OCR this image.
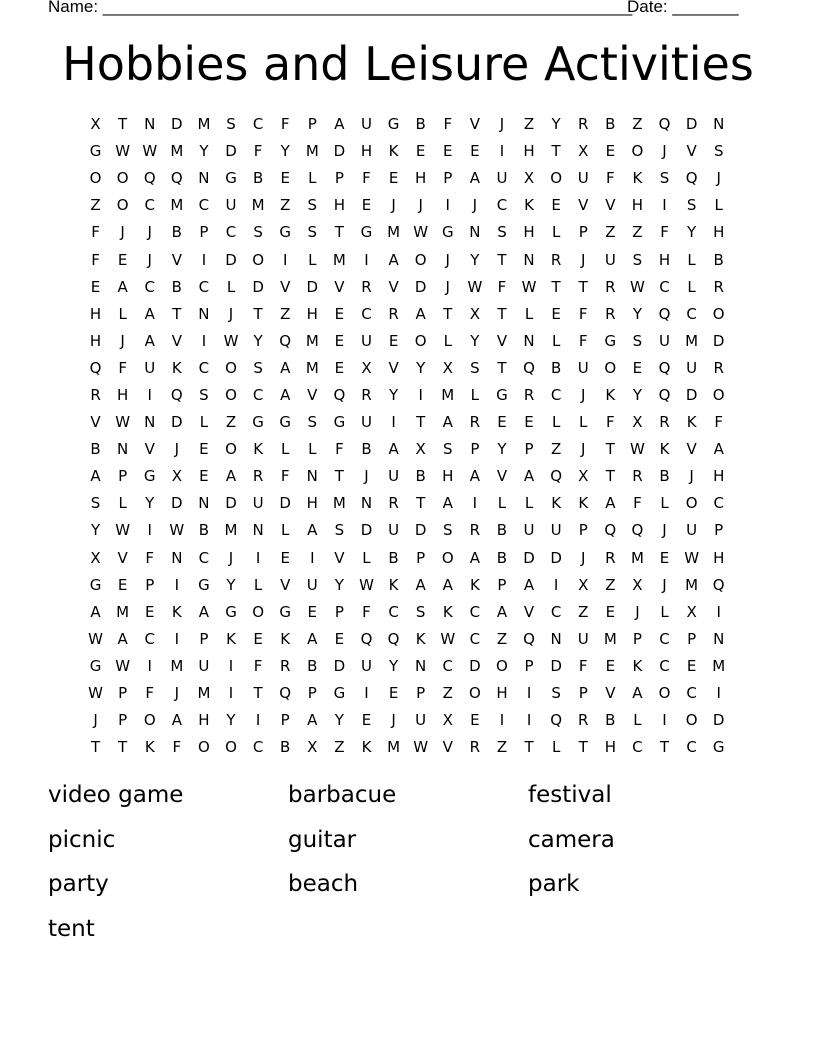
Name: ________________________________________________________
Date: _______
Hobbies and Leisure Activities
X	T	N	D M	S	C	F	P	A	U	G	B	F	V	J	Z	Y	R	B	Z	Q	D	N
G W W M	Y	D	F	Y	M D	H	K	E	E	E	I	H	T	X	E	O	J	V	S
O	O	Q	Q	N	G	B	E	L	P	F	E	H	P	A	U	X	O	U	F	K	S	Q	J
Z	O	C	M	C	U	M	Z	S	H	E	J	J	I	J	C	K	E	V	V	H	I	S	L
F	J	J	B	P	C	S	G	S	T	G M W G	N	S	H	L	P	Z	Z	F	Y	H
F	E	J	V	I	D	O	I	L	M	I	A	O	J	Y	T	N	R	J	U	S	H	L	B
E	A	C	B	C	L	D	V	D	V	R	V	D	J	W	F	W	T	T	R W C	L	R
H	L	A	T	N	J	T	Z	H	E	C	R	A	T	X	T	L	E	F	R	Y	Q	C	O
H	J	A	V	I	W	Y	Q M	E	U	E	O	L	Y	V	N	L	F	G	S	U	M D
Q	F	U	K	C	O	S	A	M	E	X	V	Y	X	S	T	Q	B	U	O	E	Q	U	R
R	H	I	Q	S	O	C	A	V	Q	R	Y	I	M	L	G	R	C	J	K	Y	Q	D	O
V W N	D	L	Z	G	G	S	G	U	I	T	A	R	E	E	L	L	F	X	R	K	F
B	N	V	J	E	O	K	L	L	F	B	A	X	S	P	Y	P	Z	J	T	W K	V	A
A	P	G	X	E	A	R	F	N	T	J	U	B	H	A	V	A	Q	X	T	R	B	J	H
S	L	Y	D	N	D	U	D	H M	N	R	T	A	I	L	L	K	K	A	F	L	O	C
Y	W	I	W B	M	N	L	A	S	D	U	D	S	R	B	U	U	P	Q	Q	J	U	P
X	V	F	N	C	J	I	E	I	V	L	B	P	O	A	B	D	D	J	R	M	E W H
G	E	P	I	G	Y	L	V	U	Y	W K	A	A	K	P	A	I	X	Z	X	J	M Q
A	M	E	K	A	G	O	G	E	P	F	C	S	K	C	A	V	C	Z	E	J	L	X	I
W A	C	I	P	K	E	K	A	E	Q	Q	K W C	Z	Q	N	U	M	P	C	P	N
G W	I	M	U	I	F	R	B	D	U	Y	N	C	D	O	P	D	F	E	K	C	E	M
W	P	F	J	M	I	T	Q	P	G	I	E	P	Z	O	H	I	S	P	V	A	O	C	I
J	P	O	A	H	Y	I	P	A	Y	E	J	U	X	E	I	I	Q	R	B	L	I	O	D
T	T	K	F	O	O	C	B	X	Z	K	M W V	R	Z	T	L	T	H	C	T	C	G
video game	barbacue	festival
picnic	guitar	camera
party	beach	park
tent
